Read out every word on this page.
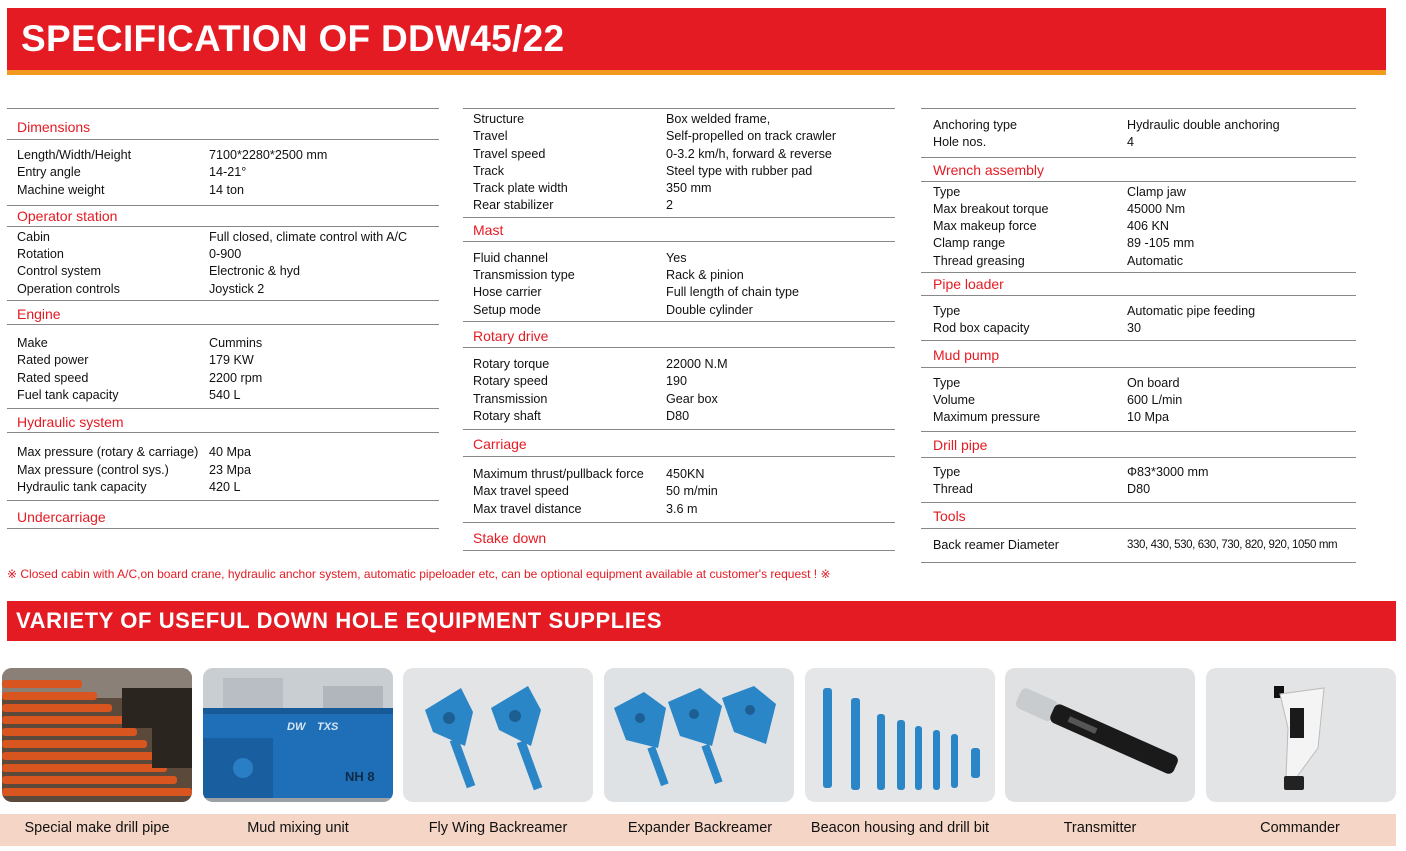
SPECIFICATION OF DDW45/22
Dimensions
Length/Width/Height	7100*2280*2500 mm
Entry angle	14-21°
Machine weight	14 ton
Operator station
Cabin	Full closed, climate control with A/C
Rotation	0-900
Control system	Electronic & hyd
Operation controls	Joystick 2
Engine
Make	Cummins
Rated power	179 KW
Rated speed	2200 rpm
Fuel tank capacity	540 L
Hydraulic system
Max pressure (rotary & carriage) 40 Mpa
Max pressure (control sys.)	23 Mpa
Hydraulic tank capacity	420 L
Undercarriage
Structure	Box welded frame,
Travel	Self-propelled on track crawler
Travel speed	0-3.2 km/h, forward & reverse
Track	Steel type with rubber pad
Track plate width	350 mm
Rear stabilizer	2
Mast
Fluid channel	Yes
Transmission type	Rack & pinion
Hose carrier	Full length of chain type
Setup mode	Double cylinder
Rotary drive
Rotary torque	22000 N.M
Rotary speed	190
Transmission	Gear box
Rotary shaft	D80
Carriage
Maximum thrust/pullback force 450KN
Max travel speed	50 m/min
Max travel distance	3.6 m
Stake down
Anchoring type	Hydraulic double anchoring
Hole nos.	4
Wrench assembly
Type	Clamp jaw
Max breakout torque	45000 Nm
Max makeup force	406 KN
Clamp range	89 -105 mm
Thread greasing	Automatic
Pipe loader
Type	Automatic pipe feeding
Rod box capacity	30
Mud pump
Type	On board
Volume	600 L/min
Maximum pressure	10 Mpa
Drill pipe
Type	Φ83*3000 mm
Thread	D80
Tools
Back reamer Diameter	330, 430, 530, 630, 730, 820, 920, 1050 mm
※ Closed cabin with A/C,on board crane, hydraulic anchor system, automatic pipeloader etc, can be optional equipment available at customer's request ! ※
VARIETY OF USEFUL DOWN HOLE EQUIPMENT SUPPLIES
DW TXS
NH 8
Special make drill pipe	Mud mixing unit	Fly Wing Backreamer	Expander Backreamer	Beacon housing and drill bit	Transmitter	Commander
